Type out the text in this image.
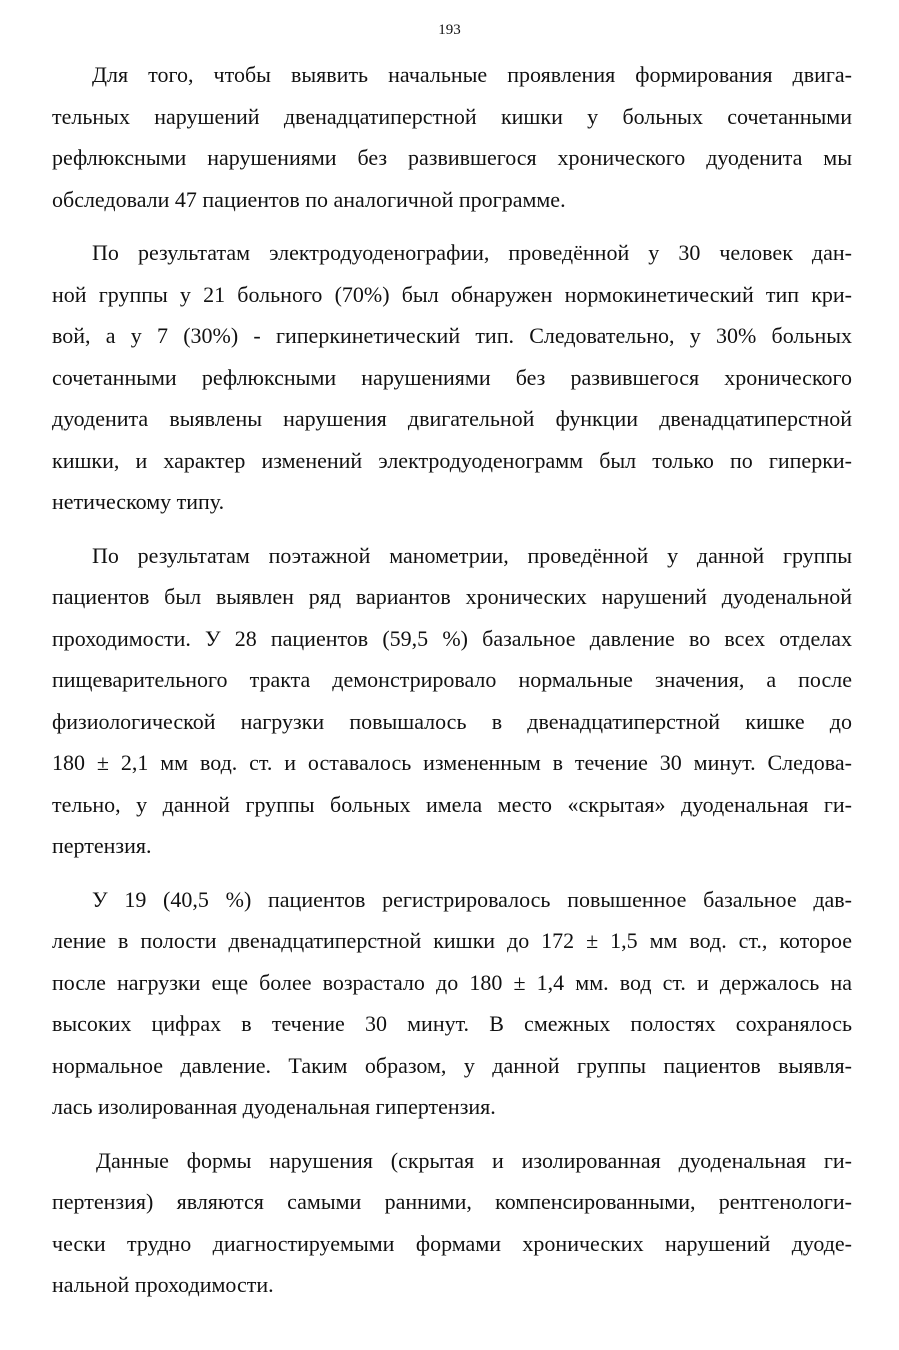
193

Для того, чтобы выявить начальные проявления формирования двига-
тельных нарушений двенадцатиперстной кишки у больных сочетанными
рефлюксными нарушениями без развившегося хронического дуоденита мы
обследовали 47 пациентов по аналогичной программе.

По результатам электродуоденографии, проведённой у 30 человек дан-
ной группы у 21 больного (70%) был обнаружен нормокинетический тип кри-
вой, а у 7 (30%) - гиперкинетический тип. Следовательно, у 30% больных
сочетанными рефлюксными нарушениями без развившегося хронического
дуоденита выявлены нарушения двигательной функции двенадцатиперстной
кишки, и характер изменений электродуоденограмм был только по гиперки-
нетическому типу.

По результатам поэтажной манометрии, проведённой у данной группы
пациентов был выявлен ряд вариантов хронических нарушений дуоденальной
проходимости. У 28 пациентов (59,5 %) базальное давление во всех отделах
пищеварительного тракта демонстрировало нормальные значения, а после
физиологической нагрузки повышалось в двенадцатиперстной кишке до
180 ± 2,1 мм вод. ст. и оставалось измененным в течение 30 минут. Следова-
тельно, у данной группы больных имела место «скрытая» дуоденальная ги-
пертензия.

У 19 (40,5 %) пациентов регистрировалось повышенное базальное дав-
ление в полости двенадцатиперстной кишки до 172 ± 1,5 мм вод. ст., которое
после нагрузки еще более возрастало до 180 ± 1,4 мм. вод ст. и держалось на
высоких цифрах в течение 30 минут. В смежных полостях сохранялось
нормальное давление. Таким образом, у данной группы пациентов выявля-
лась изолированная дуоденальная гипертензия.

Данные формы нарушения (скрытая и изолированная дуоденальная ги-
пертензия) являются самыми ранними, компенсированными, рентгенологи-
чески трудно диагностируемыми формами хронических нарушений дуоде-
нальной проходимости.
